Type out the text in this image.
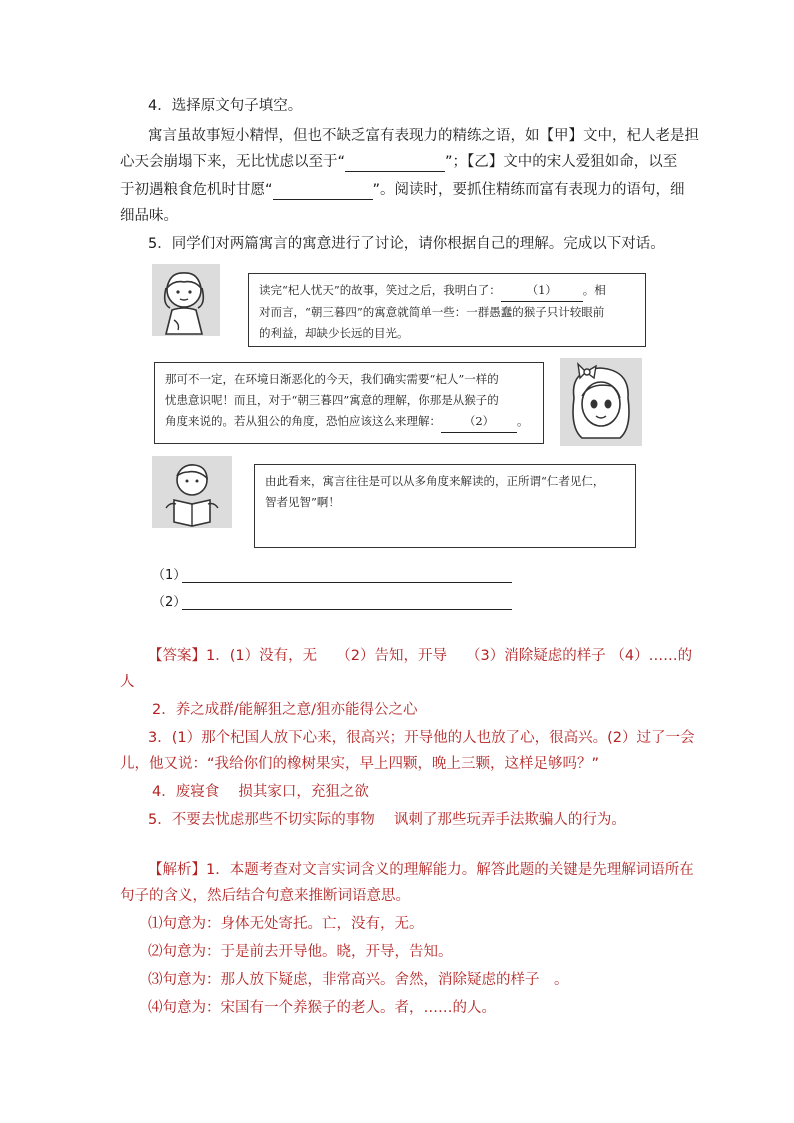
4．选择原文句子填空。
寓言虽故事短小精悍，但也不缺乏富有表现力的精练之语，如【甲】文中，杞人老是担
心天会崩塌下来，无比忧虑以至于“	”；【乙】文中的宋人爱狙如命，以至
于初遇粮食危机时甘愿“	”。阅读时，要抓住精练而富有表现力的语句，细
细品味。
5．同学们对两篇寓言的寓意进行了讨论，请你根据自己的理解。完成以下对话。
读完“杞人忧天”的故事，笑过之后，我明白了： （1） 。相
对而言，“朝三暮四”的寓意就简单一些：一群愚蠢的猴子只计较眼前
的利益，却缺少长远的目光。
那可不一定，在环境日渐恶化的今天，我们确实需要“杞人”一样的
忧患意识呢！而且，对于“朝三暮四”寓意的理解，你那是从猴子的
角度来说的。若从狙公的角度，恐怕应该这么来理解： （2） 。
由此看来，寓言往往是可以从多角度来解读的，正所谓“仁者见仁，
智者见智”啊！
（1）
（2）
【答案】1．(1）没有，无　 （2）告知，开导　 （3）消除疑虑的样子 （4）……的
人
2．养之成群/能解狙之意/狙亦能得公之心
3．(1）那个杞国人放下心来，很高兴；开导他的人也放了心，很高兴。(2）过了一会
儿，他又说：“我给你们的橡树果实，早上四颗，晚上三颗，这样足够吗？”
4．废寝食　 损其家口，充狙之欲
5．不要去忧虑那些不切实际的事物　 讽刺了那些玩弄手法欺骗人的行为。
【解析】1．本题考查对文言实词含义的理解能力。解答此题的关键是先理解词语所在
句子的含义，然后结合句意来推断词语意思。
⑴句意为：身体无处寄托。亡，没有，无。
⑵句意为：于是前去开导他。晓，开导，告知。
⑶句意为：那人放下疑虑，非常高兴。舍然，消除疑虑的样子　。
⑷句意为：宋国有一个养猴子的老人。者，……的人。
